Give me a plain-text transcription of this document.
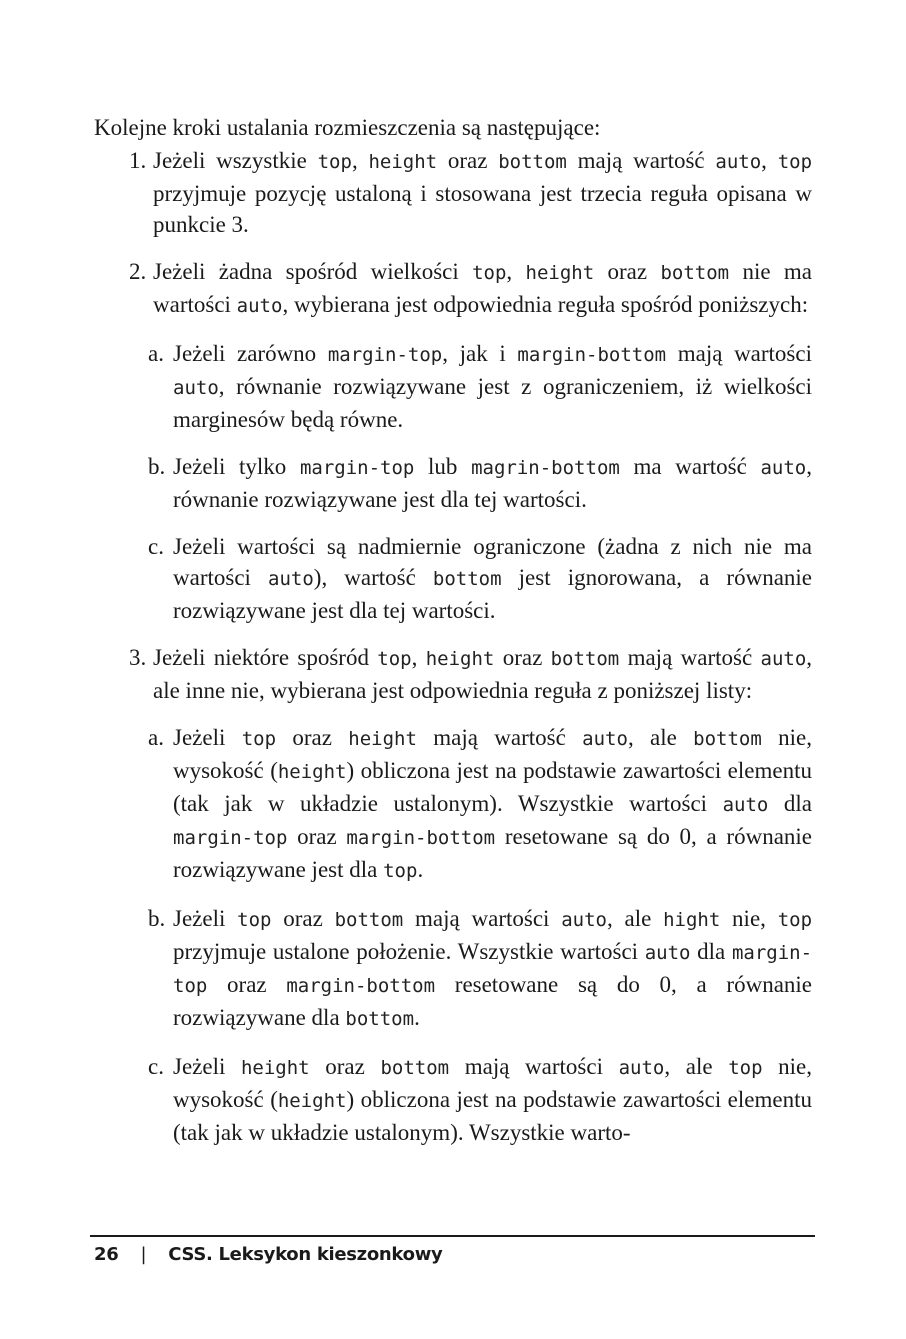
Kolejne kroki ustalania rozmieszczenia są następujące:

1. Jeżeli wszystkie top, height oraz bottom mają wartość auto, top przyjmuje pozycję ustaloną i stosowana jest trzecia reguła opisana w punkcie 3.
2. Jeżeli żadna spośród wielkości top, height oraz bottom nie ma wartości auto, wybierana jest odpowiednia reguła spośród poniższych:
a. Jeżeli zarówno margin-top, jak i margin-bottom mają wartości auto, równanie rozwiązywane jest z ograniczeniem, iż wielkości marginesów będą równe.
b. Jeżeli tylko margin-top lub magrin-bottom ma wartość auto, równanie rozwiązywane jest dla tej wartości.
c. Jeżeli wartości są nadmiernie ograniczone (żadna z nich nie ma wartości auto), wartość bottom jest ignorowana, a równanie rozwiązywane jest dla tej wartości.
3. Jeżeli niektóre spośród top, height oraz bottom mają wartość auto, ale inne nie, wybierana jest odpowiednia reguła z poniższej listy:
a. Jeżeli top oraz height mają wartość auto, ale bottom nie, wysokość (height) obliczona jest na podstawie zawartości elementu (tak jak w układzie ustalonym). Wszystkie wartości auto dla margin-top oraz margin-bottom resetowane są do 0, a równanie rozwiązywane jest dla top.
b. Jeżeli top oraz bottom mają wartości auto, ale hight nie, top przyjmuje ustalone położenie. Wszystkie wartości auto dla margin-top oraz margin-bottom resetowane są do 0, a równanie rozwiązywane dla bottom.
c. Jeżeli height oraz bottom mają wartości auto, ale top nie, wysokość (height) obliczona jest na podstawie zawartości elementu (tak jak w układzie ustalonym). Wszystkie warto-
26 | CSS. Leksykon kieszonkowy
